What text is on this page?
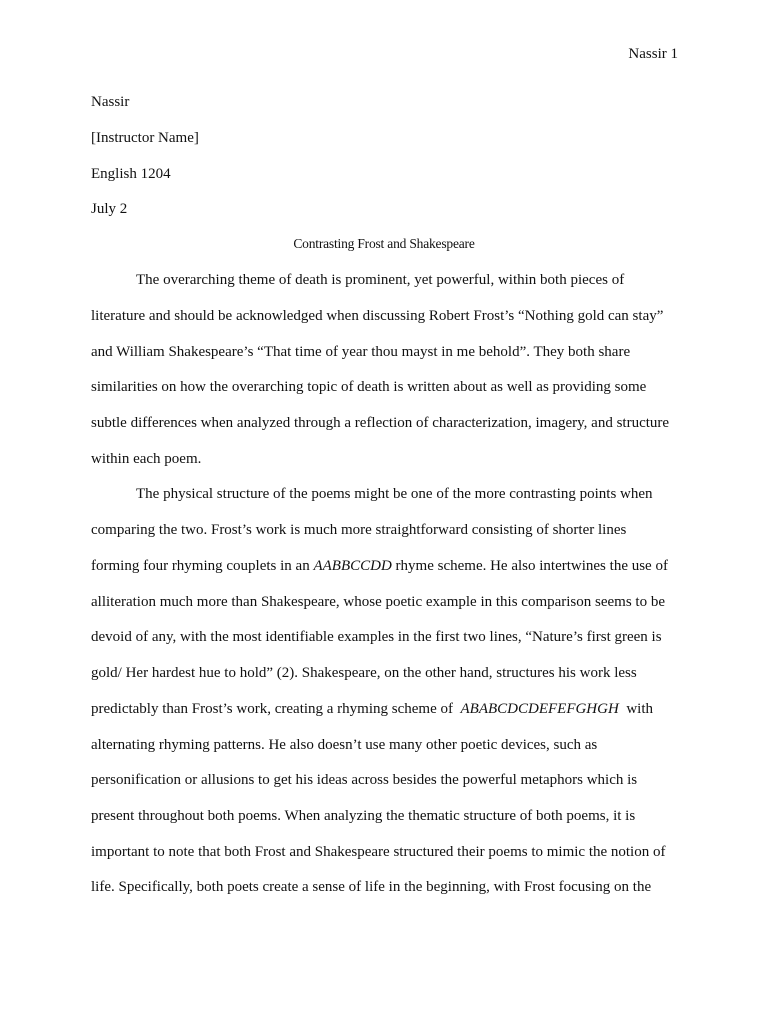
Nassir 1
Nassir
[Instructor Name]
English 1204
July 2
Contrasting Frost and Shakespeare
The overarching theme of death is prominent, yet powerful, within both pieces of
literature and should be acknowledged when discussing Robert Frost’s “Nothing gold can stay”
and William Shakespeare’s “That time of year thou mayst in me behold”. They both share
similarities on how the overarching topic of death is written about as well as providing some
subtle differences when analyzed through a reflection of characterization, imagery, and structure
within each poem.
The physical structure of the poems might be one of the more contrasting points when
comparing the two. Frost’s work is much more straightforward consisting of shorter lines
forming four rhyming couplets in an AABBCCDD rhyme scheme. He also intertwines the use of
alliteration much more than Shakespeare, whose poetic example in this comparison seems to be
devoid of any, with the most identifiable examples in the first two lines, “Nature’s first green is
gold/ Her hardest hue to hold” (2). Shakespeare, on the other hand, structures his work less
predictably than Frost’s work, creating a rhyming scheme of ABABCDCDEFEFGHGH with
alternating rhyming patterns. He also doesn’t use many other poetic devices, such as
personification or allusions to get his ideas across besides the powerful metaphors which is
present throughout both poems. When analyzing the thematic structure of both poems, it is
important to note that both Frost and Shakespeare structured their poems to mimic the notion of
life. Specifically, both poets create a sense of life in the beginning, with Frost focusing on the
